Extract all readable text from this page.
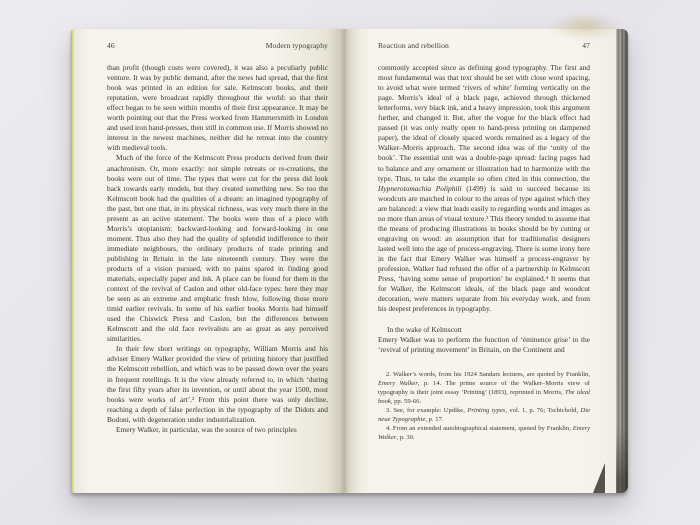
46	Modern typography

than profit (though costs were covered), it was also a peculiarly public venture. It was by public demand, after the news had spread, that the first book was printed in an edition for sale. Kelmscott books, and their reputation, were broadcast rapidly throughout the world: so that their effect began to be seen within months of their first appearance. It may be worth pointing out that the Press worked from Hammersmith in London and used iron hand-presses, then still in common use. If Morris showed no interest in the newest machines, neither did he retreat into the country with medieval tools.

Much of the force of the Kelmscott Press products derived from their anachronism. Or, more exactly: not simple retreats or re-creations, the books were out of time. The types that were cut for the press did look back towards early models, but they created something new. So too the Kelmscott book had the qualities of a dream: an imagined typography of the past, but one that, in its physical richness, was very much there in the present as an active statement. The books were thus of a piece with Morris’s utopianism: backward-looking and forward-looking in one moment. Thus also they had the quality of splendid indifference to their immediate neighbours, the ordinary products of trade printing and publishing in Britain in the late nineteenth century. They were the products of a vision pursued, with no pains spared in finding good materials, especially paper and ink. A place can be found for them in the context of the revival of Caslon and other old-face types: here they may be seen as an extreme and emphatic fresh blow, following those more timid earlier revivals. In some of his earlier books Morris had himself used the Chiswick Press and Caslon, but the differences between Kelmscott and the old face revivalists are as great as any perceived similarities.

In their few short writings on typography, William Morris and his adviser Emery Walker provided the view of printing history that justified the Kelmscott rebellion, and which was to be passed down over the years in frequent retellings. It is the view already referred to, in which ‘during the first fifty years after its invention, or until about the year 1500, most books were works of art’.² From this point there was only decline, reaching a depth of false perfection in the typography of the Didots and Bodoni, with degeneration under industrialization.

Emery Walker, in particular, was the source of two principles

Reaction and rebellion	47

commonly accepted since as defining good typography. The first and most fundamental was that text should be set with close word spacing, to avoid what were termed ‘rivers of white’ forming vertically on the page. Morris’s ideal of a black page, achieved through thickened letterforms, very black ink, and a heavy impression, took this argument further, and changed it. But, after the vogue for the black effect had passed (it was only really open to hand-press printing on dampened paper), the ideal of closely spaced words remained as a legacy of the Walker–Morris approach. The second idea was of the ‘unity of the book’. The essential unit was a double-page spread: facing pages had to balance and any ornament or illustration had to harmonize with the type. Thus, to take the example so often cited in this connection, the Hypnerotomachia Poliphili (1499) is said to succeed because its woodcuts are matched in colour to the areas of type against which they are balanced: a view that leads easily to regarding words and images as no more than areas of visual texture.³ This theory tended to assume that the means of producing illustrations in books should be by cutting or engraving on wood: an assumption that for traditionalist designers lasted well into the age of process-engraving. There is some irony here in the fact that Emery Walker was himself a process-engraver by profession. Walker had refused the offer of a partnership in Kelmscott Press, ‘having some sense of proportion’ he explained.⁴ It seems that for Walker, the Kelmscott ideals, of the black page and woodcut decoration, were matters separate from his everyday work, and from his deepest preferences in typography.

In the wake of Kelmscott

Emery Walker was to perform the function of ‘éminence grise’ to the ‘revival of printing movement’ in Britain, on the Continent and

2. Walker’s words, from his 1924 Sandars lectures, are quoted by Franklin, Emery Walker, p. 14. The prime source of the Walker–Morris view of typography is their joint essay ‘Printing’ (1893), reprinted in Morris, The ideal book, pp. 59-66.

3. See, for example: Updike, Printing types, vol. 1, p. 76; Tschichold, Die neue Typographie, p. 17.

4. From an extended autobiographical statement, quoted by Franklin, Emery Walker, p. 30.
